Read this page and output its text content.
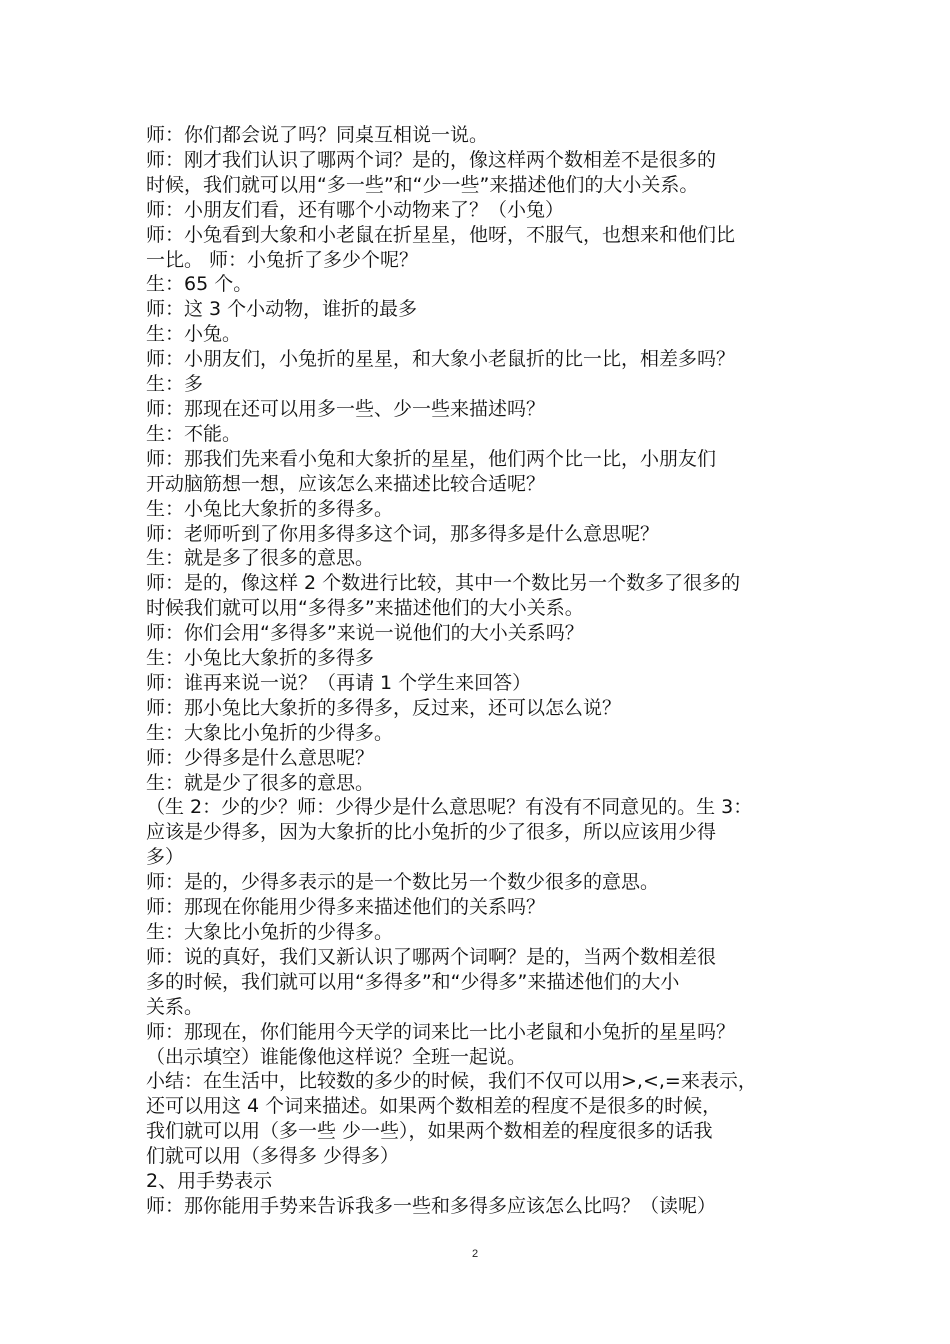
师：你们都会说了吗？同桌互相说一说。

师：刚才我们认识了哪两个词？是的，像这样两个数相差不是很多的

时候，我们就可以用“多一些”和“少一些”来描述他们的大小关系。

师：小朋友们看，还有哪个小动物来了？（小兔）

师：小兔看到大象和小老鼠在折星星，他呀，不服气，也想来和他们比

一比。 师：小兔折了多少个呢？

生：65 个。

师：这 3 个小动物，谁折的最多

生：小兔。

师：小朋友们，小兔折的星星，和大象小老鼠折的比一比，相差多吗？

生：多

师：那现在还可以用多一些、少一些来描述吗？

生：不能。

师：那我们先来看小兔和大象折的星星，他们两个比一比，小朋友们

开动脑筋想一想，应该怎么来描述比较合适呢？

生：小兔比大象折的多得多。

师：老师听到了你用多得多这个词，那多得多是什么意思呢？

生：就是多了很多的意思。

师：是的，像这样 2 个数进行比较，其中一个数比另一个数多了很多的

时候我们就可以用“多得多”来描述他们的大小关系。

师：你们会用“多得多”来说一说他们的大小关系吗？

生：小兔比大象折的多得多

师：谁再来说一说？（再请 1 个学生来回答）

师：那小兔比大象折的多得多，反过来，还可以怎么说？

生：大象比小兔折的少得多。

师：少得多是什么意思呢？

生：就是少了很多的意思。

（生 2：少的少？师：少得少是什么意思呢？有没有不同意见的。生 3：

应该是少得多，因为大象折的比小兔折的少了很多，所以应该用少得

多）

师：是的，少得多表示的是一个数比另一个数少很多的意思。

师：那现在你能用少得多来描述他们的关系吗？

生：大象比小兔折的少得多。

师：说的真好，我们又新认识了哪两个词啊？是的，当两个数相差很

多的时候，我们就可以用“多得多”和“少得多”来描述他们的大小

关系。

师：那现在，你们能用今天学的词来比一比小老鼠和小兔折的星星吗？

（出示填空）谁能像他这样说？全班一起说。

小结：在生活中，比较数的多少的时候，我们不仅可以用>,<,=来表示，

还可以用这 4 个词来描述。如果两个数相差的程度不是很多的时候，

我们就可以用（多一些 少一些），如果两个数相差的程度很多的话我

们就可以用（多得多 少得多）

2、用手势表示

师：那你能用手势来告诉我多一些和多得多应该怎么比吗？（读呢）

2
